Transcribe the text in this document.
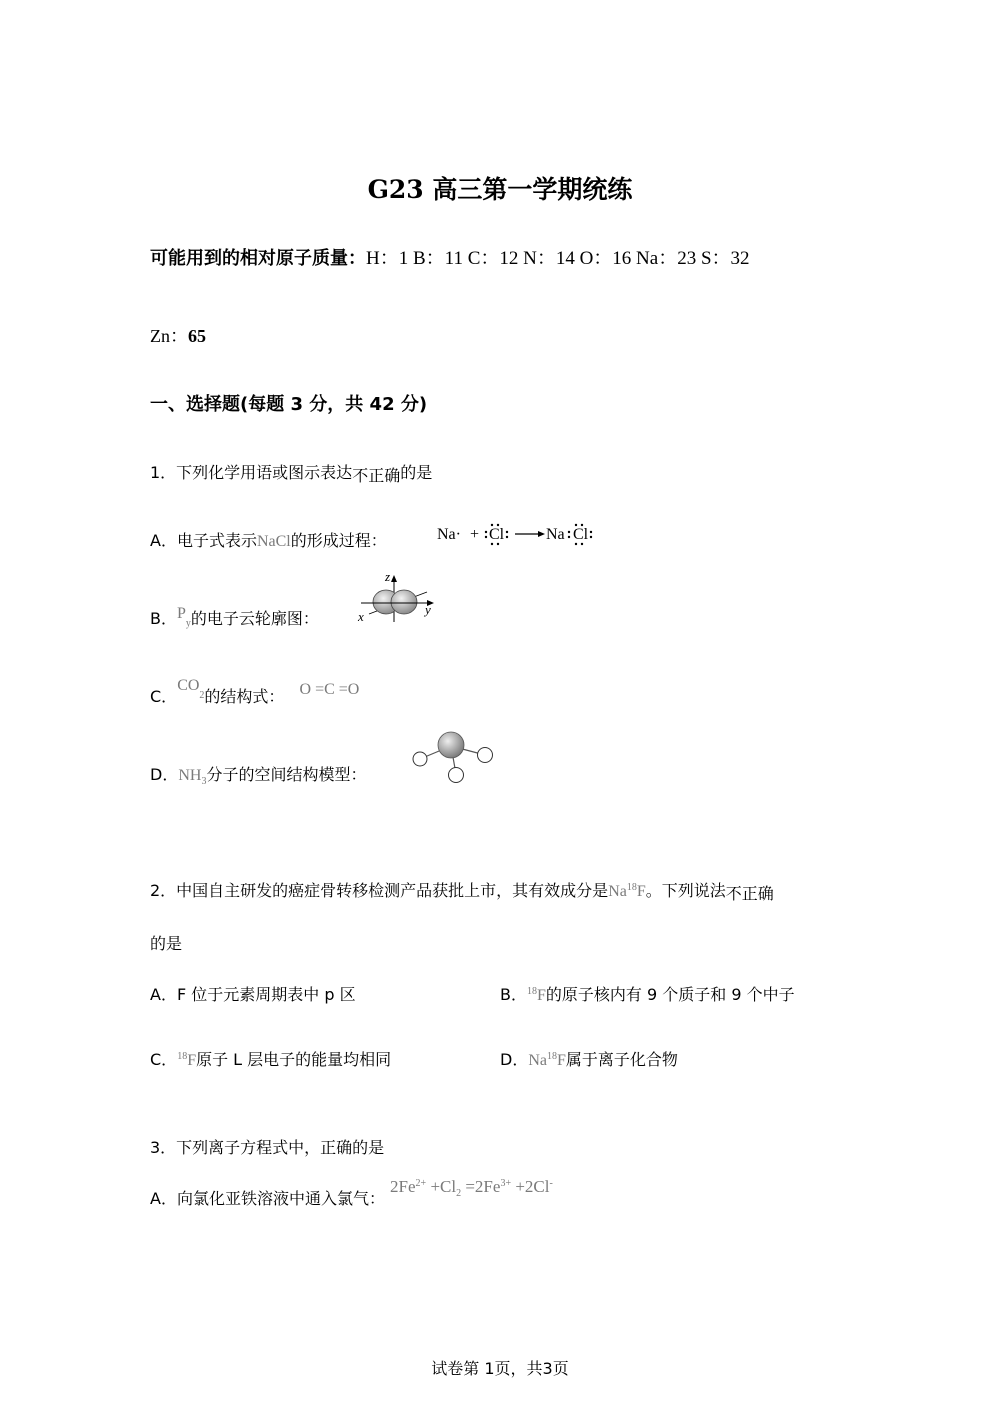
G23 高三第一学期统练
可能用到的相对原子质量：H：1 B：11 C：12 N：14 O：16 Na：23 S：32
Zn：65
一、选择题(每题 3 分，共 42 分)
1．下列化学用语或图示表达不正确的是
A．电子式表示NaCl的形成过程：	Na· + Cl	Na Cl
B．$P_y$的电子云轮廓图：
z
x	y
C．$CO^2$的结构式： O =C =O
D．$NH_3$分子的空间结构模型：
2．中国自主研发的癌症骨转移检测产品获批上市，其有效成分是Na$^{18}$F。下列说法不正确
的是
A．F 位于元素周期表中 p 区	B．$^{18}$F的原子核内有 9 个质子和 9 个中子
C．$^{18}$F原子 L 层电子的能量均相同	D．Na$^{18}$F属于离子化合物
3．下列离子方程式中，正确的是
A．向氯化亚铁溶液中通入氯气： $2Fe^{2+} +Cl_2 =2Fe^{3+} +2Cl^-$
试卷第 1页，共3页
